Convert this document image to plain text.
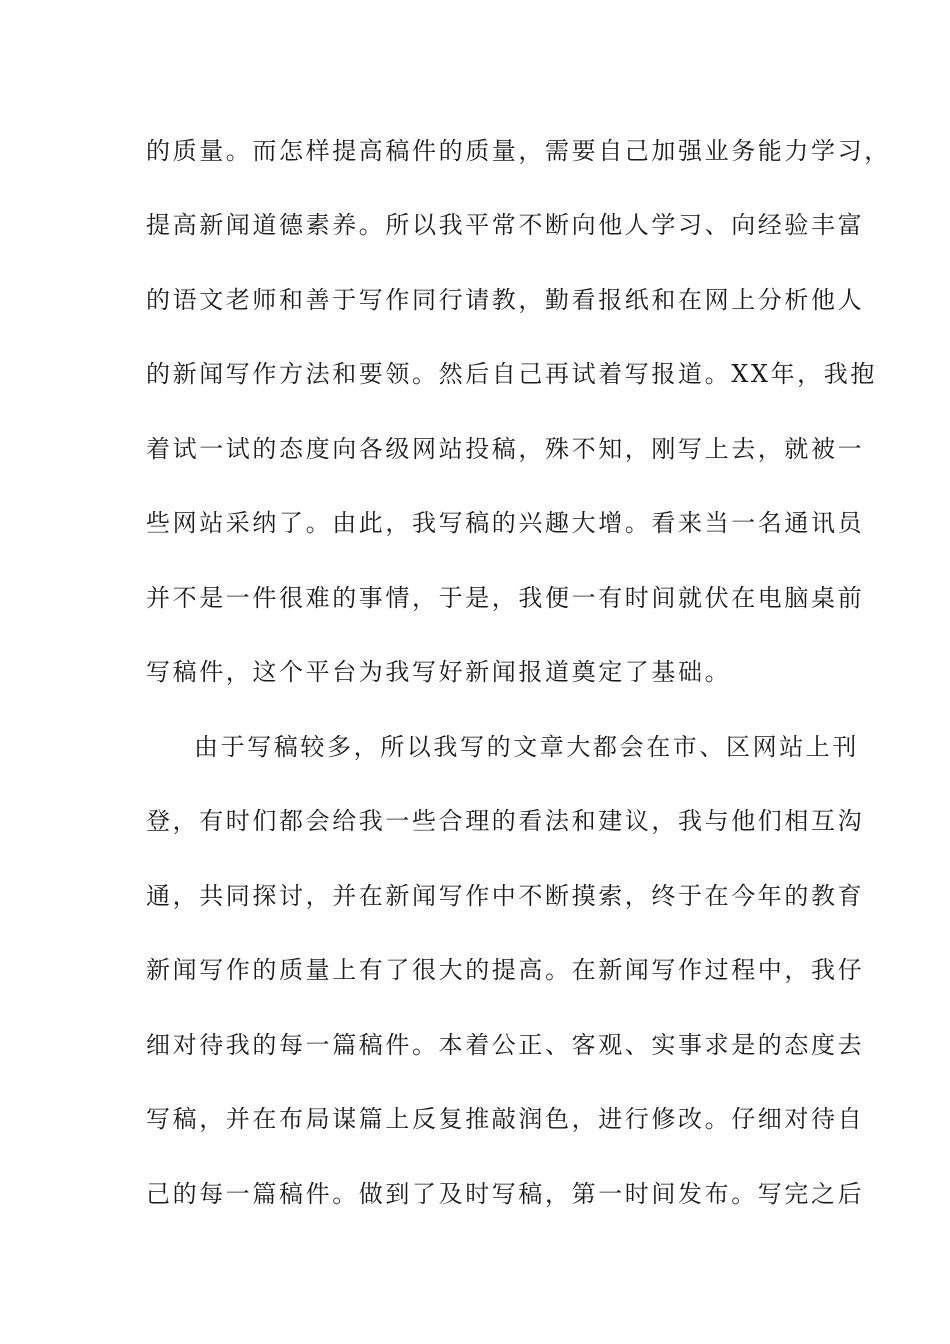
的质量。而怎样提高稿件的质量，需要自己加强业务能力学习，
提高新闻道德素养。所以我平常不断向他人学习、向经验丰富
的语文老师和善于写作同行请教，勤看报纸和在网上分析他人
的新闻写作方法和要领。然后自己再试着写报道。XX年，我抱
着试一试的态度向各级网站投稿，殊不知，刚写上去，就被一
些网站采纳了。由此，我写稿的兴趣大增。看来当一名通讯员
并不是一件很难的事情，于是，我便一有时间就伏在电脑桌前
写稿件，这个平台为我写好新闻报道奠定了基础。
由于写稿较多，所以我写的文章大都会在市、区网站上刊
登，有时们都会给我一些合理的看法和建议，我与他们相互沟
通，共同探讨，并在新闻写作中不断摸索，终于在今年的教育
新闻写作的质量上有了很大的提高。在新闻写作过程中，我仔
细对待我的每一篇稿件。本着公正、客观、实事求是的态度去
写稿，并在布局谋篇上反复推敲润色，进行修改。仔细对待自
己的每一篇稿件。做到了及时写稿，第一时间发布。写完之后
